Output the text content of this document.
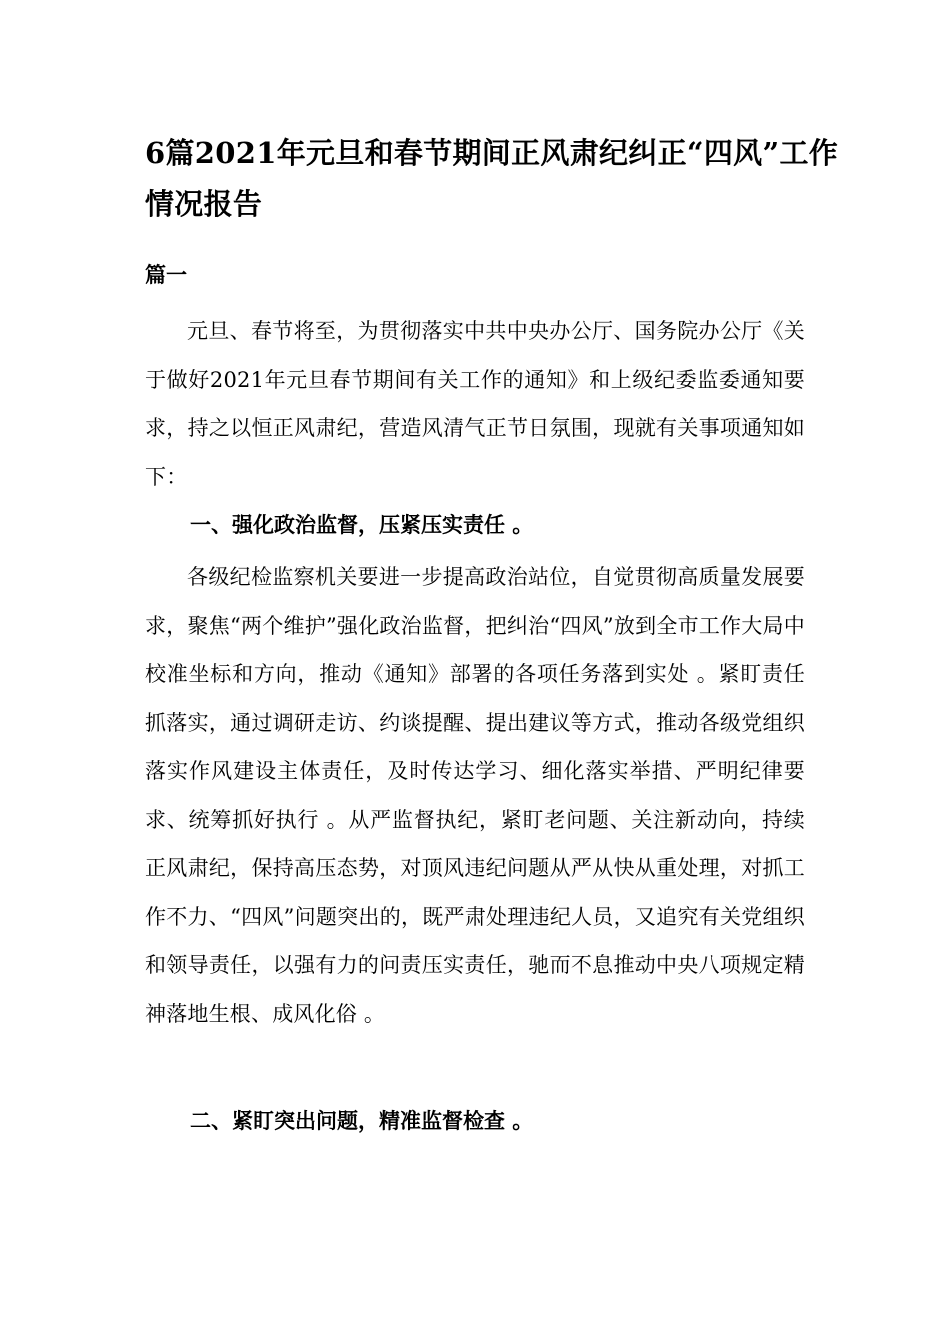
6篇2021年元旦和春节期间正风肃纪纠正“四风”工作情况报告
篇一

元旦、春节将至，为贯彻落实中共中央办公厅、国务院办公厅《关于做好2021年元旦春节期间有关工作的通知》和上级纪委监委通知要求，持之以恒正风肃纪，营造风清气正节日氛围，现就有关事项通知如下：

一、强化政治监督，压紧压实责任 。

各级纪检监察机关要进一步提高政治站位，自觉贯彻高质量发展要求，聚焦“两个维护”强化政治监督，把纠治“四风”放到全市工作大局中校准坐标和方向，推动《通知》部署的各项任务落到实处 。紧盯责任抓落实，通过调研走访、约谈提醒、提出建议等方式，推动各级党组织落实作风建设主体责任，及时传达学习、细化落实举措、严明纪律要求、统筹抓好执行 。从严监督执纪，紧盯老问题、关注新动向，持续正风肃纪，保持高压态势，对顶风违纪问题从严从快从重处理，对抓工作不力、“四风”问题突出的，既严肃处理违纪人员，又追究有关党组织和领导责任，以强有力的问责压实责任，驰而不息推动中央八项规定精神落地生根、成风化俗 。

二、紧盯突出问题，精准监督检查 。
